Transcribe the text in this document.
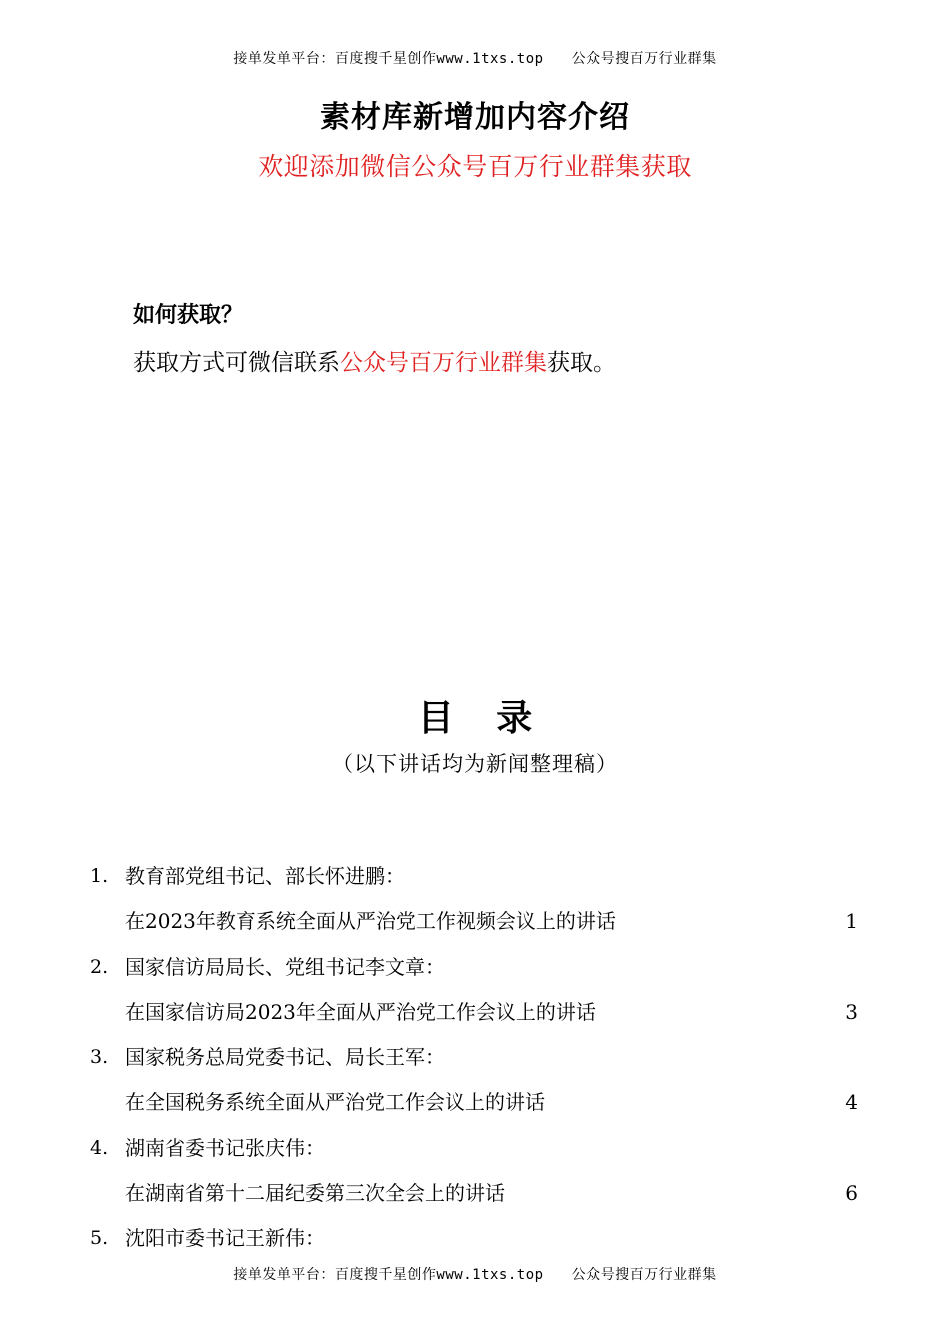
接单发单平台：百度搜千星创作www.1txs.top 公众号搜百万行业群集
素材库新增加内容介绍
欢迎添加微信公众号百万行业群集获取
如何获取？
获取方式可微信联系公众号百万行业群集获取。
目 录
（以下讲话均为新闻整理稿）
1. 教育部党组书记、部长怀进鹏：
在2023年教育系统全面从严治党工作视频会议上的讲话	1
2. 国家信访局局长、党组书记李文章：
在国家信访局2023年全面从严治党工作会议上的讲话	3
3. 国家税务总局党委书记、局长王军：
在全国税务系统全面从严治党工作会议上的讲话	4
4. 湖南省委书记张庆伟：
在湖南省第十二届纪委第三次全会上的讲话	6
5. 沈阳市委书记王新伟：
接单发单平台：百度搜千星创作www.1txs.top 公众号搜百万行业群集
